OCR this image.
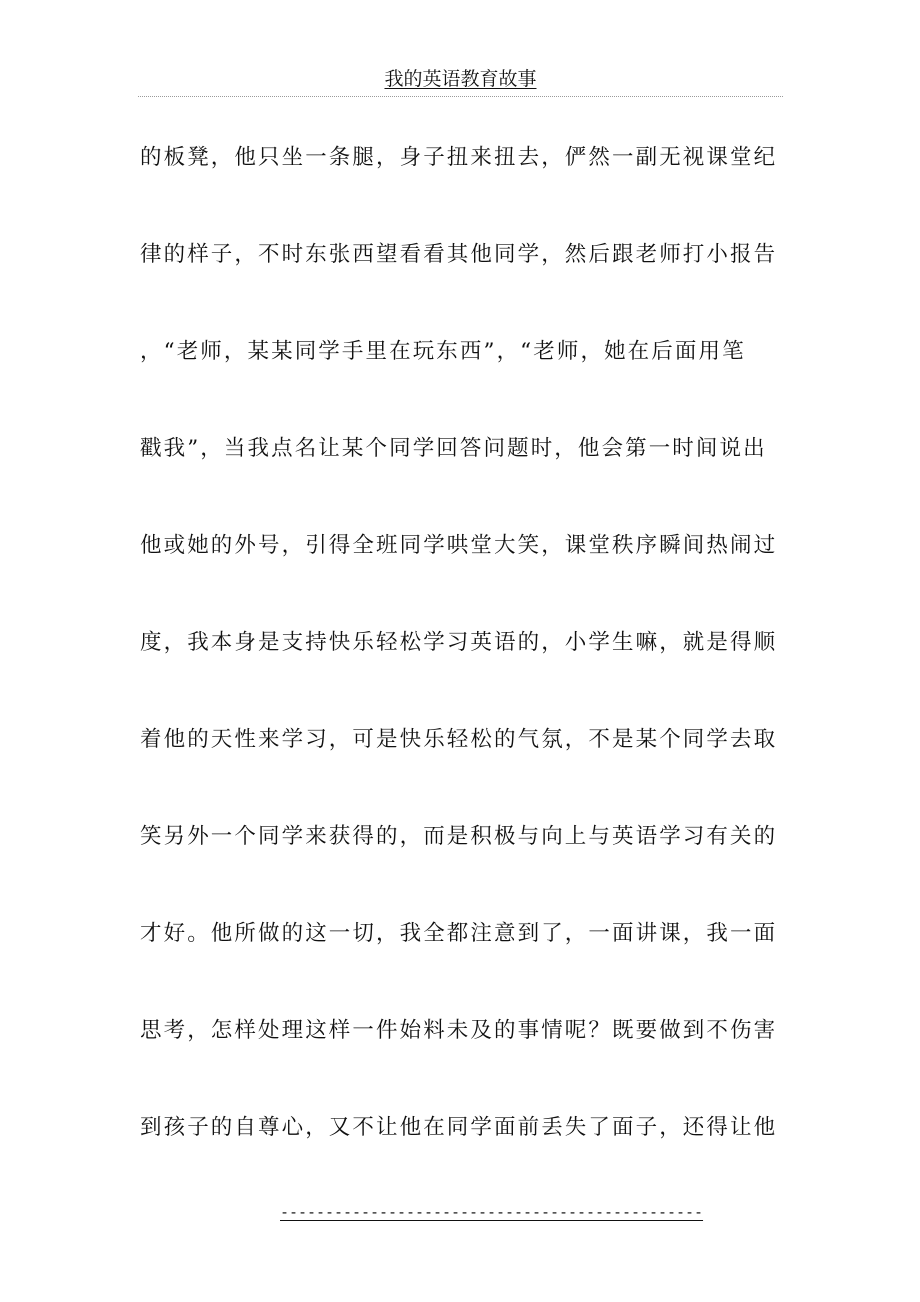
我的英语教育故事
的板凳，他只坐一条腿，身子扭来扭去，俨然一副无视课堂纪
律的样子，不时东张西望看看其他同学，然后跟老师打小报告
，“老师，某某同学手里在玩东西”，“老师，她在后面用笔
戳我”，当我点名让某个同学回答问题时，他会第一时间说出
他或她的外号，引得全班同学哄堂大笑，课堂秩序瞬间热闹过
度，我本身是支持快乐轻松学习英语的，小学生嘛，就是得顺
着他的天性来学习，可是快乐轻松的气氛，不是某个同学去取
笑另外一个同学来获得的，而是积极与向上与英语学习有关的
才好。他所做的这一切，我全都注意到了，一面讲课，我一面
思考，怎样处理这样一件始料未及的事情呢？既要做到不伤害
到孩子的自尊心，又不让他在同学面前丢失了面子，还得让他
-----------------------------------------------
